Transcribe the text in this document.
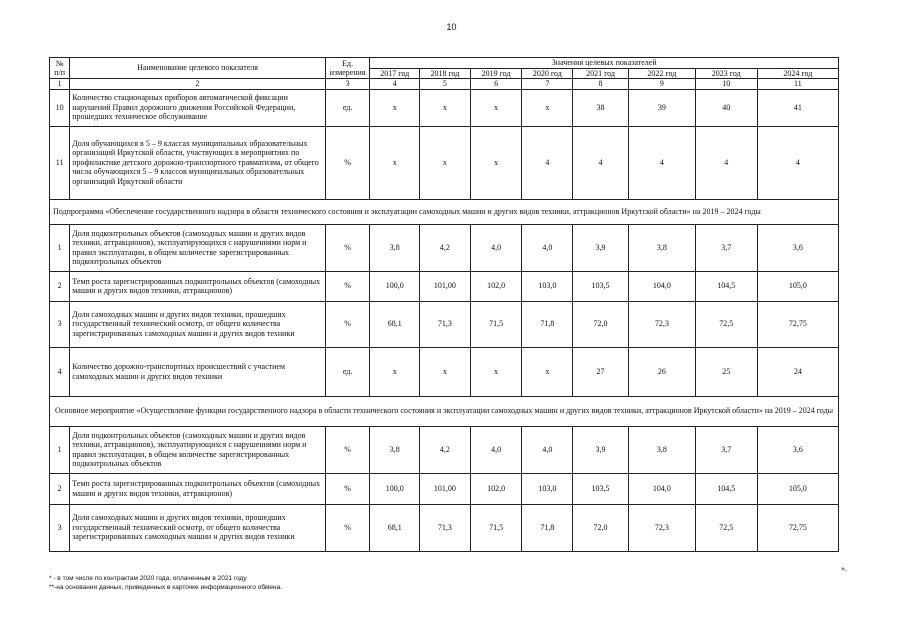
10
№
п/п	Наименование целевого показателя	Ед. измерения	Значения целевых показателей							
			2017 год	2018 год	2019 год	2020 год	2021 год	2022 год	2023 год	2024 год
1	2	3	4	5	6	7	8	9	10	11
10	Количество стационарных приборов автоматической фиксации нарушений Правил дорожного движения Российской Федерации, прошедших техническое обслуживание	ед.	х	х	х	х	38	39	40	41
11	Доля обучающихся в 5 – 9 классах муниципальных образовательных организаций Иркутской области, участвующих в мероприятиях по профилактике детского дорожно-транспортного травматизма, от общего числа обучающихся 5 – 9 классов муниципальных образовательных организаций Иркутской области	%	х	х	х	4	4	4	4	4
Подпрограмма «Обеспечение государственного надзора в области технического состояния и эксплуатации самоходных машин и других видов техники, аттракционов Иркутской области» на 2019 – 2024 годы										
1	Доля подконтрольных объектов (самоходных машин и других видов техники, аттракционов), эксплуатирующихся с нарушениями норм и правил эксплуатации, в общем количестве зарегистрированных подконтрольных объектов	%	3,8	4,2	4,0	4,0	3,9	3,8	3,7	3,6
2	Темп роста зарегистрированных подконтрольных объектов (самоходных машин и других видов техники, аттракционов)	%	100,0	101,00	102,0	103,0	103,5	104,0	104,5	105,0
3	Доля самоходных машин и других видов техники, прошедших государственный технический осмотр, от общего количества зарегистрированных самоходных машин и других видов техники	%	68,1	71,3	71,5	71,8	72,0	72,3	72,5	72,75
4	Количество дорожно-транспортных происшествий с участием самоходных машин и других видов техники	ед.	х	х	х	х	27	26	25	24
Основное мероприятие «Осуществление функции государственного надзора в области технического состояния и эксплуатации самоходных машин и других видов техники, аттракционов Иркутской области» на 2019 – 2024 годы										
1	Доля подконтрольных объектов (самоходных машин и других видов техники, аттракционов), эксплуатирующихся с нарушениями норм и правил эксплуатации, в общем количестве зарегистрированных подконтрольных объектов	%	3,8	4,2	4,0	4,0	3,9	3,8	3,7	3,6
2	Темп роста зарегистрированных подконтрольных объектов (самоходных машин и других видов техники, аттракционов)	%	100,0	101,00	102,0	103,0	103,5	104,0	104,5	105,0
3	Доля самоходных машин и других видов техники, прошедших государственный технический осмотр, от общего количества зарегистрированных самоходных машин и других видов техники	%	68,1	71,3	71,5	71,8	72,0	72,3	72,5	72,75
».
* - в том числе по контрактам 2020 года, оплаченным в 2021 году
**-на основании данных, приведенных в карточке информационного обмена.
